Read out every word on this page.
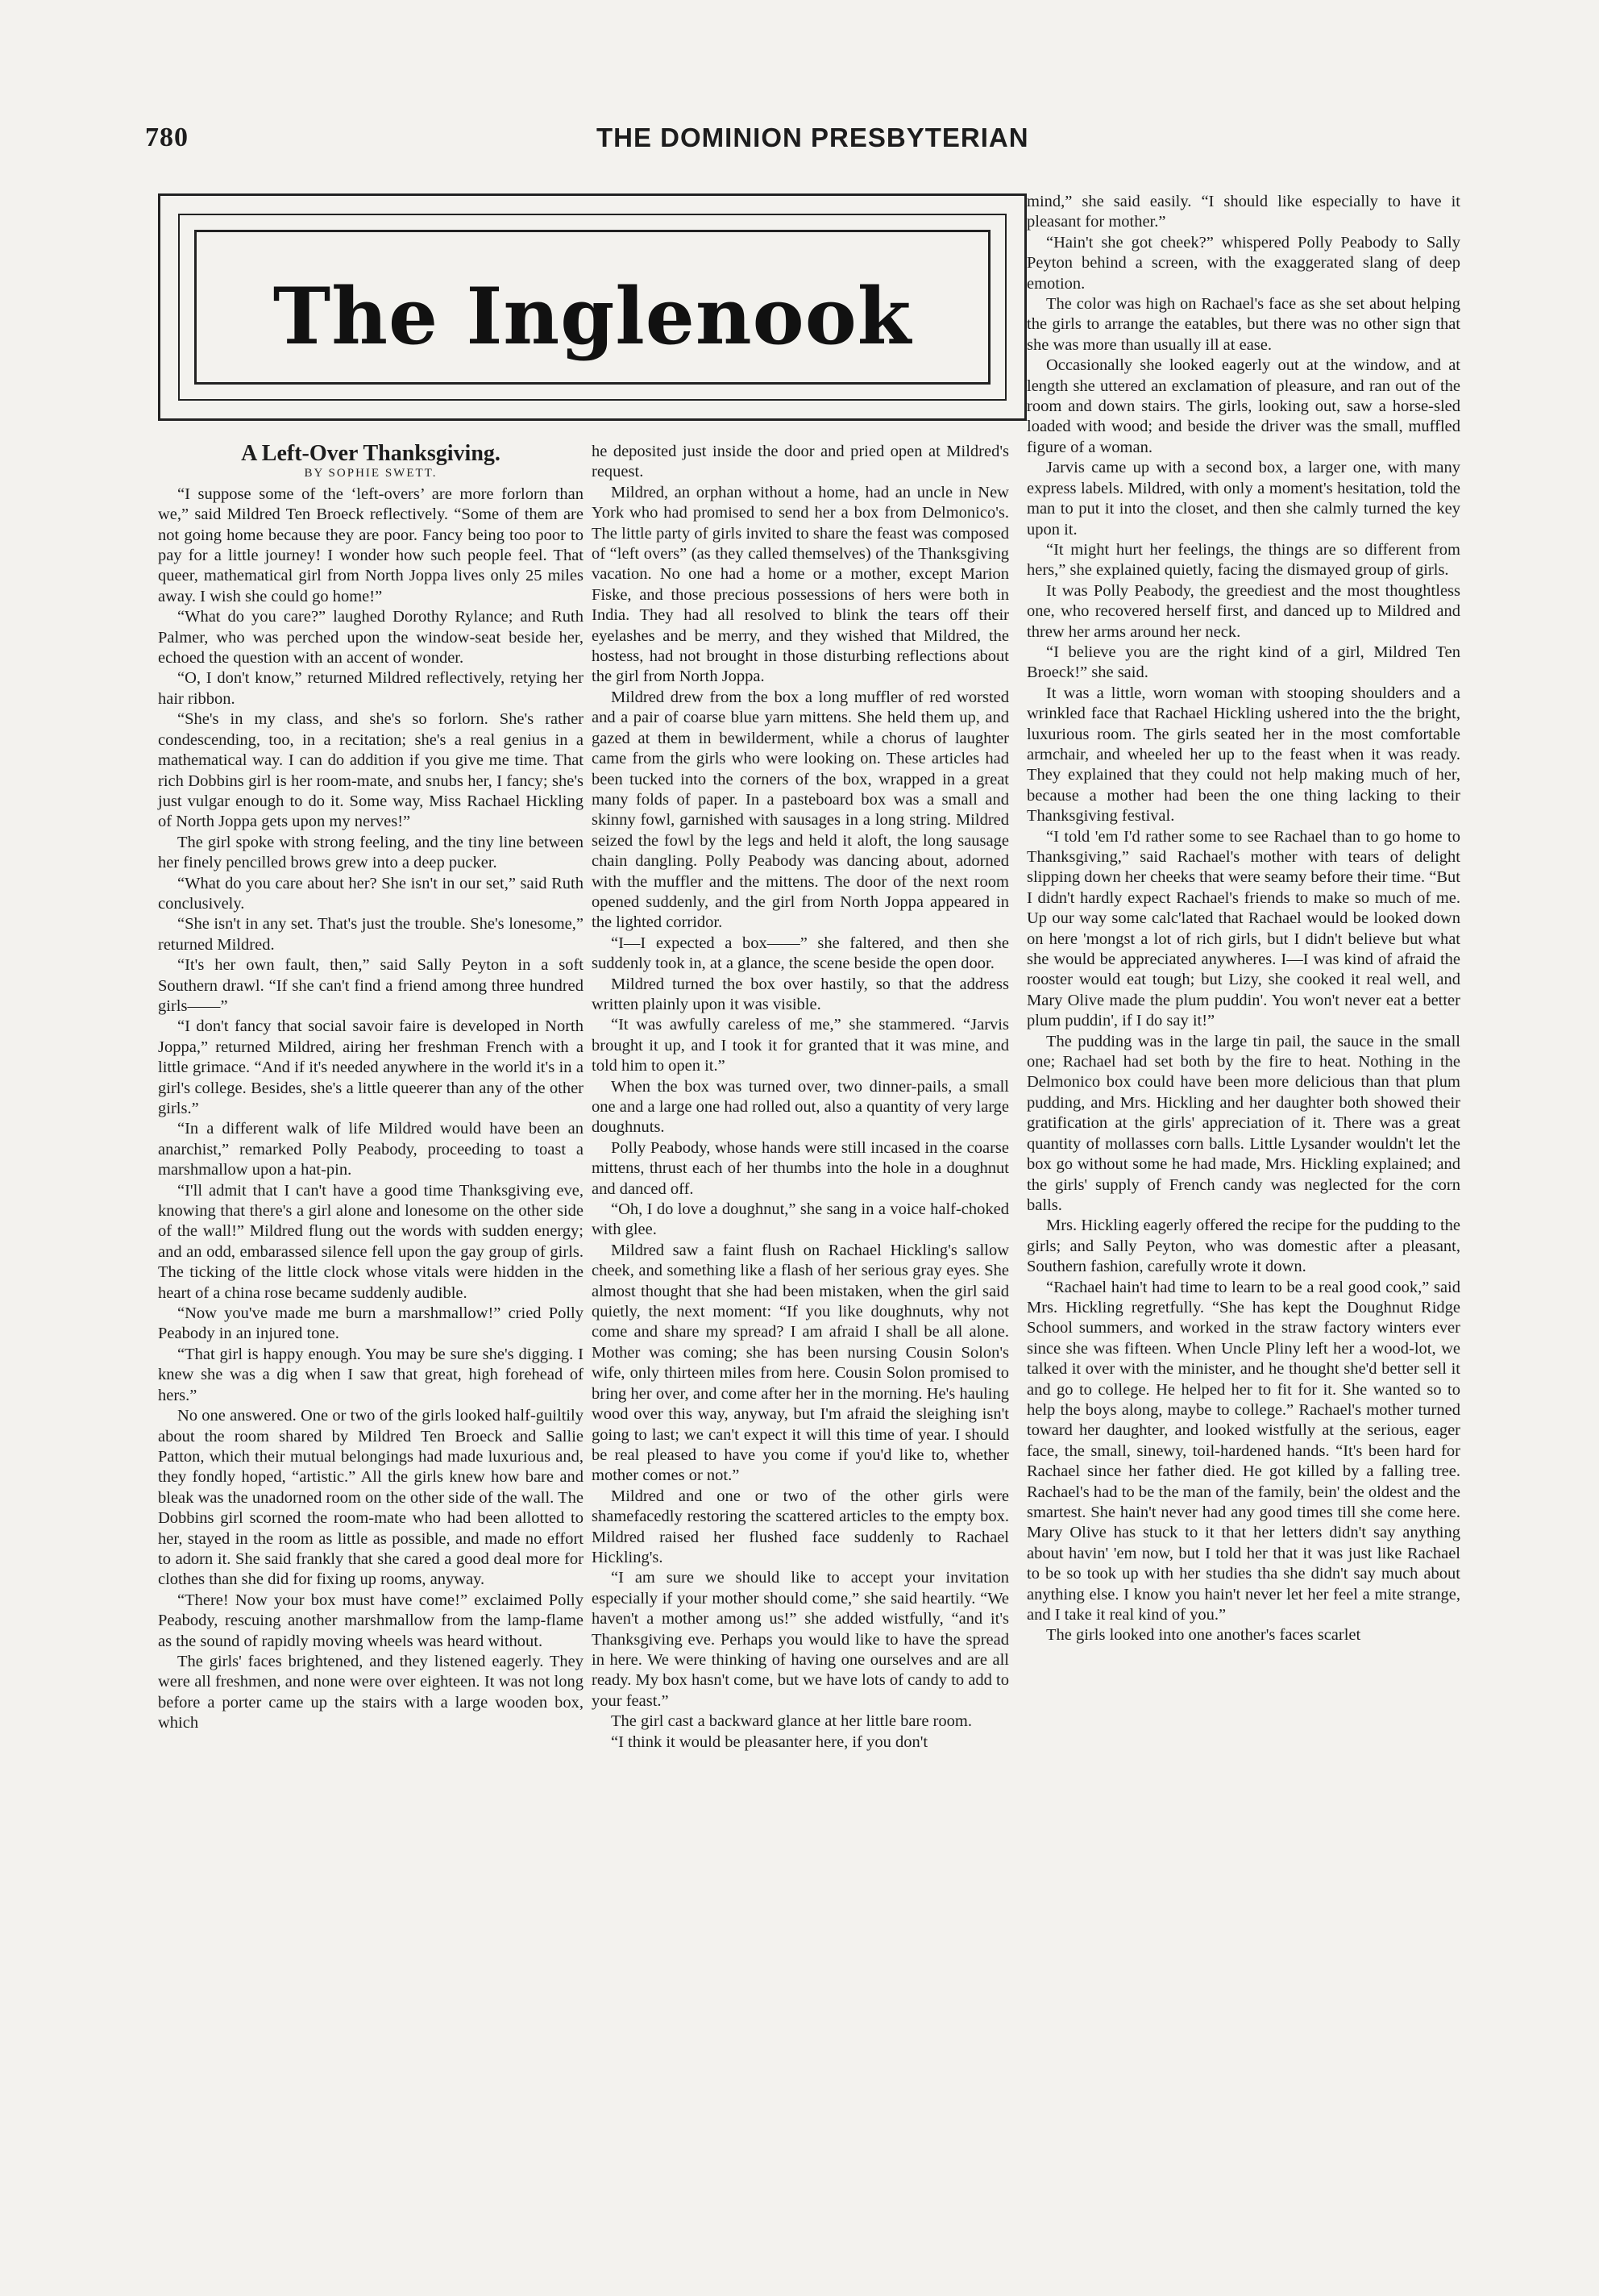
780	THE DOMINION PRESBYTERIAN
The Inglenook

A Left-Over Thanksgiving.

BY SOPHIE SWETT.

“I suppose some of the ‘left-overs’ are more forlorn than we,” said Mildred Ten Broeck reflectively. “Some of them are not going home because they are poor. Fancy being too poor to pay for a little journey! I wonder how such people feel. That queer, mathematical girl from North Joppa lives only 25 miles away. I wish she could go home!”

“What do you care?” laughed Dorothy Rylance; and Ruth Palmer, who was perched upon the window-seat beside her, echoed the question with an accent of wonder.

“O, I don't know,” returned Mildred reflectively, retying her hair ribbon.

“She's in my class, and she's so forlorn. She's rather condescending, too, in a recitation; she's a real genius in a mathematical way. I can do addition if you give me time. That rich Dobbins girl is her room-mate, and snubs her, I fancy; she's just vulgar enough to do it. Some way, Miss Rachael Hickling of North Joppa gets upon my nerves!”

The girl spoke with strong feeling, and the tiny line between her finely pencilled brows grew into a deep pucker.

“What do you care about her? She isn't in our set,” said Ruth conclusively.

“She isn't in any set. That's just the trouble. She's lonesome,” returned Mildred.

“It's her own fault, then,” said Sally Peyton in a soft Southern drawl. “If she can't find a friend among three hundred girls——”

“I don't fancy that social savoir faire is developed in North Joppa,” returned Mildred, airing her freshman French with a little grimace. “And if it's needed anywhere in the world it's in a girl's college. Besides, she's a little queerer than any of the other girls.”

“In a different walk of life Mildred would have been an anarchist,” remarked Polly Peabody, proceeding to toast a marshmallow upon a hat-pin.

“I'll admit that I can't have a good time Thanksgiving eve, knowing that there's a girl alone and lonesome on the other side of the wall!” Mildred flung out the words with sudden energy; and an odd, embarassed silence fell upon the gay group of girls. The ticking of the little clock whose vitals were hidden in the heart of a china rose became suddenly audible.

“Now you've made me burn a marshmallow!” cried Polly Peabody in an injured tone.

“That girl is happy enough. You may be sure she's digging. I knew she was a dig when I saw that great, high forehead of hers.”

No one answered. One or two of the girls looked half-guiltily about the room shared by Mildred Ten Broeck and Sallie Patton, which their mutual belongings had made luxurious and, they fondly hoped, “artistic.” All the girls knew how bare and bleak was the unadorned room on the other side of the wall. The Dobbins girl scorned the room-mate who had been allotted to her, stayed in the room as little as possible, and made no effort to adorn it. She said frankly that she cared a good deal more for clothes than she did for fixing up rooms, anyway.

“There! Now your box must have come!” exclaimed Polly Peabody, rescuing another marshmallow from the lamp-flame as the sound of rapidly moving wheels was heard without.

The girls' faces brightened, and they listened eagerly. They were all freshmen, and none were over eighteen. It was not long before a porter came up the stairs with a large wooden box, which

he deposited just inside the door and pried open at Mildred's request.

Mildred, an orphan without a home, had an uncle in New York who had promised to send her a box from Delmonico's. The little party of girls invited to share the feast was composed of “left overs” (as they called themselves) of the Thanksgiving vacation. No one had a home or a mother, except Marion Fiske, and those precious possessions of hers were both in India. They had all resolved to blink the tears off their eyelashes and be merry, and they wished that Mildred, the hostess, had not brought in those disturbing reflections about the girl from North Joppa.

Mildred drew from the box a long muffler of red worsted and a pair of coarse blue yarn mittens. She held them up, and gazed at them in bewilderment, while a chorus of laughter came from the girls who were looking on. These articles had been tucked into the corners of the box, wrapped in a great many folds of paper. In a pasteboard box was a small and skinny fowl, garnished with sausages in a long string. Mildred seized the fowl by the legs and held it aloft, the long sausage chain dangling. Polly Peabody was dancing about, adorned with the muffler and the mittens. The door of the next room opened suddenly, and the girl from North Joppa appeared in the lighted corridor.

“I—I expected a box——” she faltered, and then she suddenly took in, at a glance, the scene beside the open door.

Mildred turned the box over hastily, so that the address written plainly upon it was visible.

“It was awfully careless of me,” she stammered. “Jarvis brought it up, and I took it for granted that it was mine, and told him to open it.”

When the box was turned over, two dinner-pails, a small one and a large one had rolled out, also a quantity of very large doughnuts.

Polly Peabody, whose hands were still incased in the coarse mittens, thrust each of her thumbs into the hole in a doughnut and danced off.

“Oh, I do love a doughnut,” she sang in a voice half-choked with glee.

Mildred saw a faint flush on Rachael Hickling's sallow cheek, and something like a flash of her serious gray eyes. She almost thought that she had been mistaken, when the girl said quietly, the next moment: “If you like doughnuts, why not come and share my spread? I am afraid I shall be all alone. Mother was coming; she has been nursing Cousin Solon's wife, only thirteen miles from here. Cousin Solon promised to bring her over, and come after her in the morning. He's hauling wood over this way, anyway, but I'm afraid the sleighing isn't going to last; we can't expect it will this time of year. I should be real pleased to have you come if you'd like to, whether mother comes or not.”

Mildred and one or two of the other girls were shamefacedly restoring the scattered articles to the empty box. Mildred raised her flushed face suddenly to Rachael Hickling's.

“I am sure we should like to accept your invitation especially if your mother should come,” she said heartily. “We haven't a mother among us!” she added wistfully, “and it's Thanksgiving eve. Perhaps you would like to have the spread in here. We were thinking of having one ourselves and are all ready. My box hasn't come, but we have lots of candy to add to your feast.”

The girl cast a backward glance at her little bare room.

“I think it would be pleasanter here, if you don't

mind,” she said easily. “I should like especially to have it pleasant for mother.”

“Hain't she got cheek?” whispered Polly Peabody to Sally Peyton behind a screen, with the exaggerated slang of deep emotion.

The color was high on Rachael's face as she set about helping the girls to arrange the eatables, but there was no other sign that she was more than usually ill at ease.

Occasionally she looked eagerly out at the window, and at length she uttered an exclamation of pleasure, and ran out of the room and down stairs. The girls, looking out, saw a horse-sled loaded with wood; and beside the driver was the small, muffled figure of a woman.

Jarvis came up with a second box, a larger one, with many express labels. Mildred, with only a moment's hesitation, told the man to put it into the closet, and then she calmly turned the key upon it.

“It might hurt her feelings, the things are so different from hers,” she explained quietly, facing the dismayed group of girls.

It was Polly Peabody, the greediest and the most thoughtless one, who recovered herself first, and danced up to Mildred and threw her arms around her neck.

“I believe you are the right kind of a girl, Mildred Ten Broeck!” she said.

It was a little, worn woman with stooping shoulders and a wrinkled face that Rachael Hickling ushered into the the bright, luxurious room. The girls seated her in the most comfortable armchair, and wheeled her up to the feast when it was ready. They explained that they could not help making much of her, because a mother had been the one thing lacking to their Thanksgiving festival.

“I told 'em I'd rather some to see Rachael than to go home to Thanksgiving,” said Rachael's mother with tears of delight slipping down her cheeks that were seamy before their time. “But I didn't hardly expect Rachael's friends to make so much of me. Up our way some calc'lated that Rachael would be looked down on here 'mongst a lot of rich girls, but I didn't believe but what she would be appreciated anywheres. I—I was kind of afraid the rooster would eat tough; but Lizy, she cooked it real well, and Mary Olive made the plum puddin'. You won't never eat a better plum puddin', if I do say it!”

The pudding was in the large tin pail, the sauce in the small one; Rachael had set both by the fire to heat. Nothing in the Delmonico box could have been more delicious than that plum pudding, and Mrs. Hickling and her daughter both showed their gratification at the girls' appreciation of it. There was a great quantity of mollasses corn balls. Little Lysander wouldn't let the box go without some he had made, Mrs. Hickling explained; and the girls' supply of French candy was neglected for the corn balls.

Mrs. Hickling eagerly offered the recipe for the pudding to the girls; and Sally Peyton, who was domestic after a pleasant, Southern fashion, carefully wrote it down.

“Rachael hain't had time to learn to be a real good cook,” said Mrs. Hickling regretfully. “She has kept the Doughnut Ridge School summers, and worked in the straw factory winters ever since she was fifteen. When Uncle Pliny left her a wood-lot, we talked it over with the minister, and he thought she'd better sell it and go to college. He helped her to fit for it. She wanted so to help the boys along, maybe to college.” Rachael's mother turned toward her daughter, and looked wistfully at the serious, eager face, the small, sinewy, toil-hardened hands. “It's been hard for Rachael since her father died. He got killed by a falling tree. Rachael's had to be the man of the family, bein' the oldest and the smartest. She hain't never had any good times till she come here. Mary Olive has stuck to it that her letters didn't say anything about havin' 'em now, but I told her that it was just like Rachael to be so took up with her studies tha she didn't say much about anything else. I know you hain't never let her feel a mite strange, and I take it real kind of you.”

The girls looked into one another's faces scarlet
